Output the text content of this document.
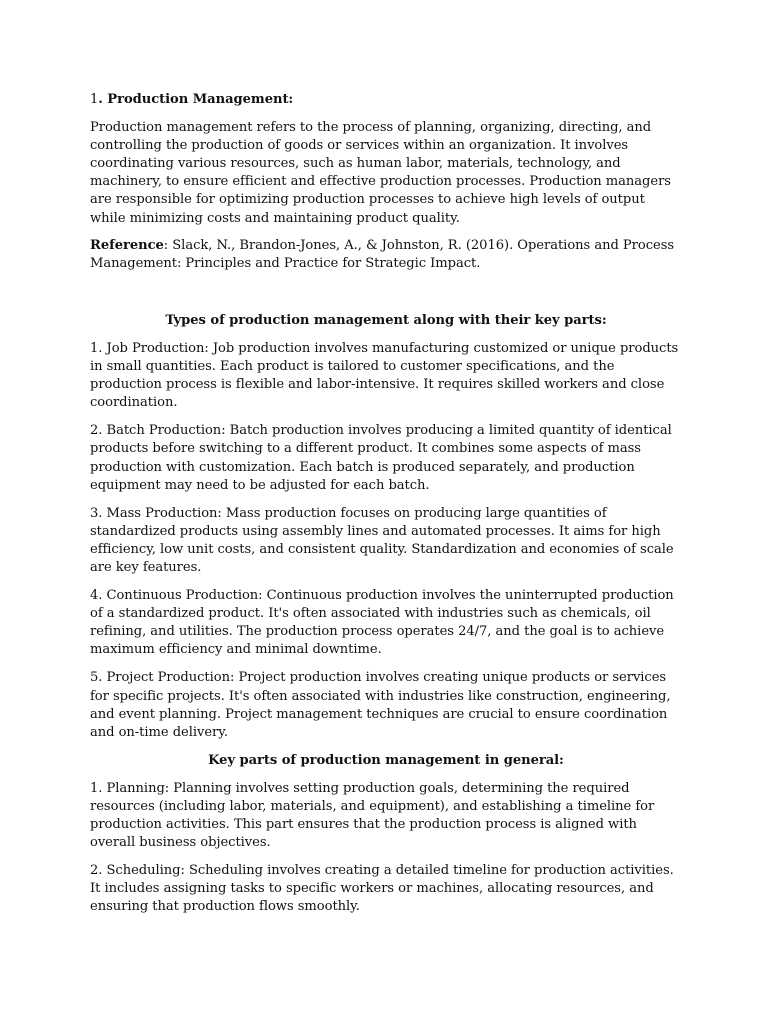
1. Production Management:

Production management refers to the process of planning, organizing, directing, and controlling the production of goods or services within an organization. It involves coordinating various resources, such as human labor, materials, technology, and machinery, to ensure efficient and effective production processes. Production managers are responsible for optimizing production processes to achieve high levels of output while minimizing costs and maintaining product quality.

Reference: Slack, N., Brandon-Jones, A., & Johnston, R. (2016). Operations and Process Management: Principles and Practice for Strategic Impact.

Types of production management along with their key parts:

1. Job Production: Job production involves manufacturing customized or unique products in small quantities. Each product is tailored to customer specifications, and the production process is flexible and labor-intensive. It requires skilled workers and close coordination.

2. Batch Production: Batch production involves producing a limited quantity of identical products before switching to a different product. It combines some aspects of mass production with customization. Each batch is produced separately, and production equipment may need to be adjusted for each batch.

3. Mass Production: Mass production focuses on producing large quantities of standardized products using assembly lines and automated processes. It aims for high efficiency, low unit costs, and consistent quality. Standardization and economies of scale are key features.

4. Continuous Production: Continuous production involves the uninterrupted production of a standardized product. It's often associated with industries such as chemicals, oil refining, and utilities. The production process operates 24/7, and the goal is to achieve maximum efficiency and minimal downtime.

5. Project Production: Project production involves creating unique products or services for specific projects. It's often associated with industries like construction, engineering, and event planning. Project management techniques are crucial to ensure coordination and on-time delivery.

Key parts of production management in general:

1. Planning: Planning involves setting production goals, determining the required resources (including labor, materials, and equipment), and establishing a timeline for production activities. This part ensures that the production process is aligned with overall business objectives.

2. Scheduling: Scheduling involves creating a detailed timeline for production activities. It includes assigning tasks to specific workers or machines, allocating resources, and ensuring that production flows smoothly.
